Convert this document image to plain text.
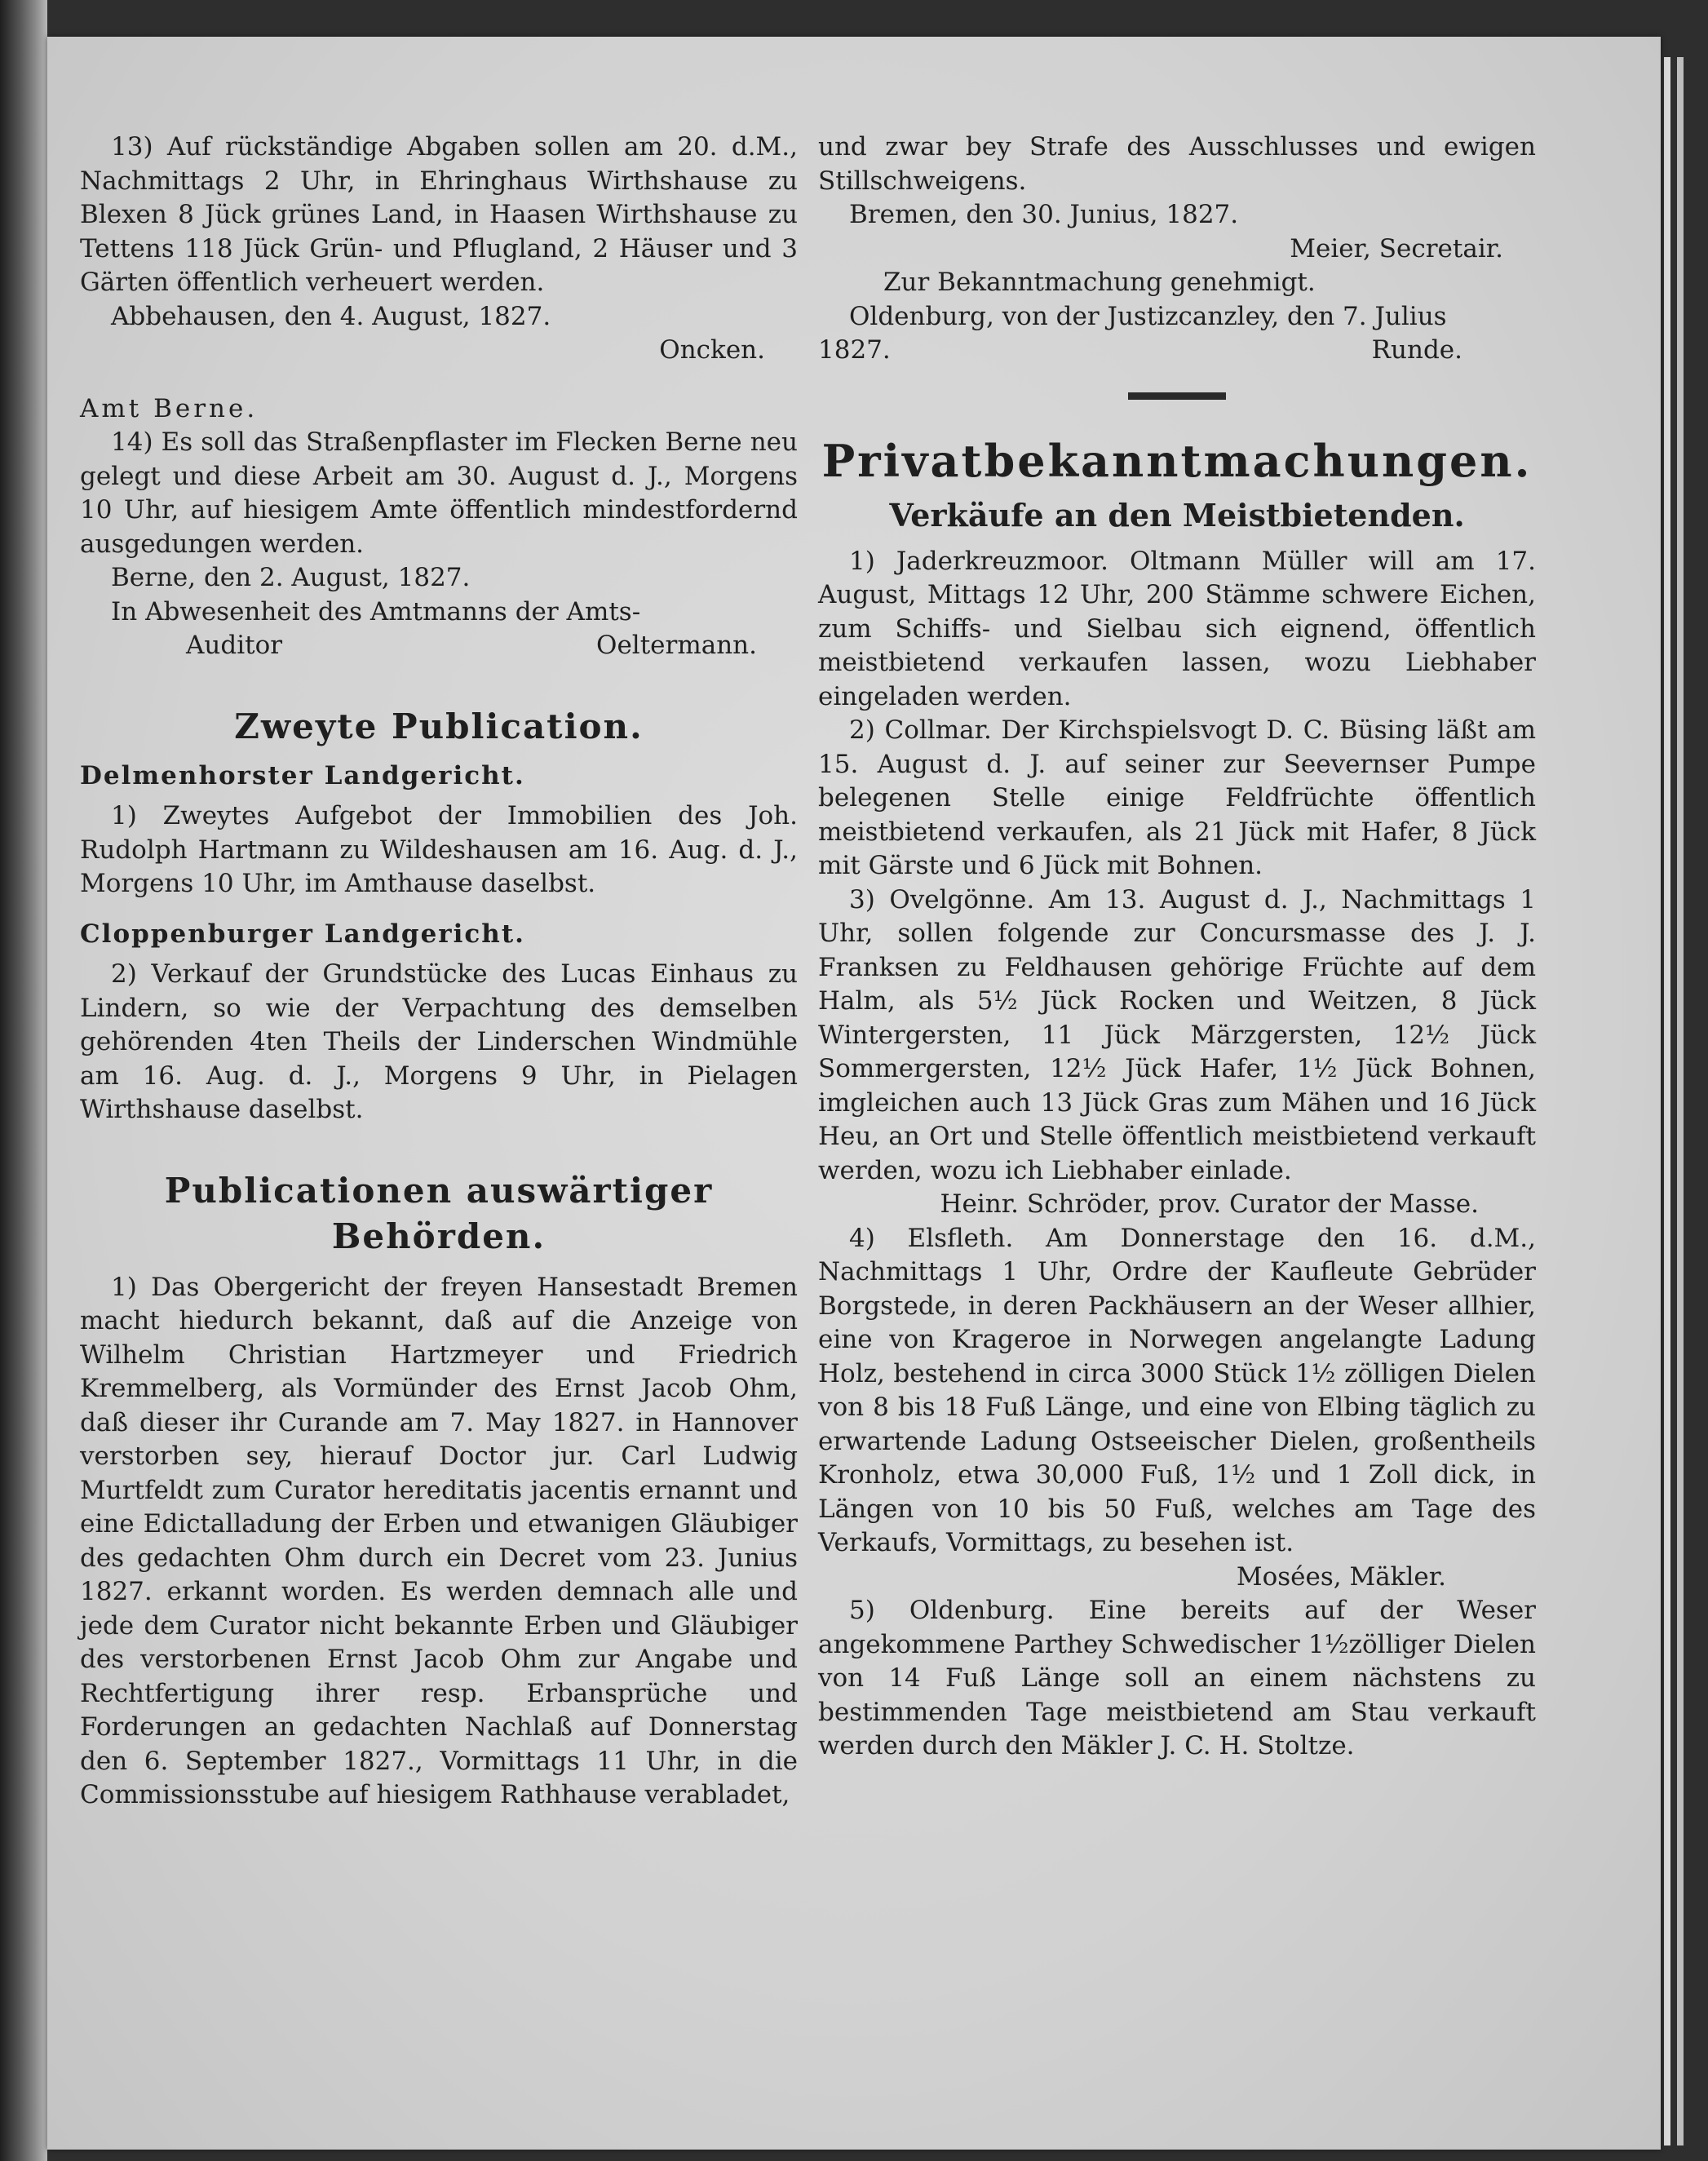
13) Auf rückständige Abgaben sollen am 20. d.M., Nachmittags 2 Uhr, in Ehringhaus Wirthshause zu Blexen 8 Jück grünes Land, in Haasen Wirthshause zu Tettens 118 Jück Grün- und Pflugland, 2 Häuser und 3 Gärten öffentlich verheuert werden.

Abbehausen, den 4. August, 1827.

Oncken.

Amt Berne.

14) Es soll das Straßenpflaster im Flecken Berne neu gelegt und diese Arbeit am 30. August d. J., Morgens 10 Uhr, auf hiesigem Amte öffentlich mindestfordernd ausgedungen werden.

Berne, den 2. August, 1827.

In Abwesenheit des Amtmanns der Amts-

Auditor	Oeltermann.

Zweyte Publication.

Delmenhorster Landgericht.

1) Zweytes Aufgebot der Immobilien des Joh. Rudolph Hartmann zu Wildeshausen am 16. Aug. d. J., Morgens 10 Uhr, im Amthause daselbst.

Cloppenburger Landgericht.

2) Verkauf der Grundstücke des Lucas Einhaus zu Lindern, so wie der Verpachtung des demselben gehörenden 4ten Theils der Linderschen Windmühle am 16. Aug. d. J., Morgens 9 Uhr, in Pielagen Wirthshause daselbst.

Publicationen auswärtiger Behörden.

1) Das Obergericht der freyen Hansestadt Bremen macht hiedurch bekannt, daß auf die Anzeige von Wilhelm Christian Hartzmeyer und Friedrich Kremmelberg, als Vormünder des Ernst Jacob Ohm, daß dieser ihr Curande am 7. May 1827. in Hannover verstorben sey, hierauf Doctor jur. Carl Ludwig Murtfeldt zum Curator hereditatis jacentis ernannt und eine Edictalladung der Erben und etwanigen Gläubiger des gedachten Ohm durch ein Decret vom 23. Junius 1827. erkannt worden. Es werden demnach alle und jede dem Curator nicht bekannte Erben und Gläubiger des verstorbenen Ernst Jacob Ohm zur Angabe und Rechtfertigung ihrer resp. Erbansprüche und Forderungen an gedachten Nachlaß auf Donnerstag den 6. September 1827., Vormittags 11 Uhr, in die Commissionsstube auf hiesigem Rathhause verabladet,

und zwar bey Strafe des Ausschlusses und ewigen Stillschweigens.

Bremen, den 30. Junius, 1827.

Meier, Secretair.

Zur Bekanntmachung genehmigt.

Oldenburg, von der Justizcanzley, den 7. Julius

1827.	Runde.

Privatbekanntmachungen.

Verkäufe an den Meistbietenden.

1) Jaderkreuzmoor. Oltmann Müller will am 17. August, Mittags 12 Uhr, 200 Stämme schwere Eichen, zum Schiffs- und Sielbau sich eignend, öffentlich meistbietend verkaufen lassen, wozu Liebhaber eingeladen werden.

2) Collmar. Der Kirchspielsvogt D. C. Büsing läßt am 15. August d. J. auf seiner zur Seevernser Pumpe belegenen Stelle einige Feldfrüchte öffentlich meistbietend verkaufen, als 21 Jück mit Hafer, 8 Jück mit Gärste und 6 Jück mit Bohnen.

3) Ovelgönne. Am 13. August d. J., Nachmittags 1 Uhr, sollen folgende zur Concursmasse des J. J. Franksen zu Feldhausen gehörige Früchte auf dem Halm, als 5½ Jück Rocken und Weitzen, 8 Jück Wintergersten, 11 Jück Märzgersten, 12½ Jück Sommergersten, 12½ Jück Hafer, 1½ Jück Bohnen, imgleichen auch 13 Jück Gras zum Mähen und 16 Jück Heu, an Ort und Stelle öffentlich meistbietend verkauft werden, wozu ich Liebhaber einlade.

Heinr. Schröder, prov. Curator der Masse.

4) Elsfleth. Am Donnerstage den 16. d.M., Nachmittags 1 Uhr, Ordre der Kaufleute Gebrüder Borgstede, in deren Packhäusern an der Weser allhier, eine von Krageroe in Norwegen angelangte Ladung Holz, bestehend in circa 3000 Stück 1½ zölligen Dielen von 8 bis 18 Fuß Länge, und eine von Elbing täglich zu erwartende Ladung Ostseeischer Dielen, großentheils Kronholz, etwa 30,000 Fuß, 1½ und 1 Zoll dick, in Längen von 10 bis 50 Fuß, welches am Tage des Verkaufs, Vormittags, zu besehen ist.

Mosées, Mäkler.

5) Oldenburg. Eine bereits auf der Weser angekommene Parthey Schwedischer 1½zölliger Dielen von 14 Fuß Länge soll an einem nächstens zu bestimmenden Tage meistbietend am Stau verkauft werden durch den Mäkler J. C. H. Stoltze.
